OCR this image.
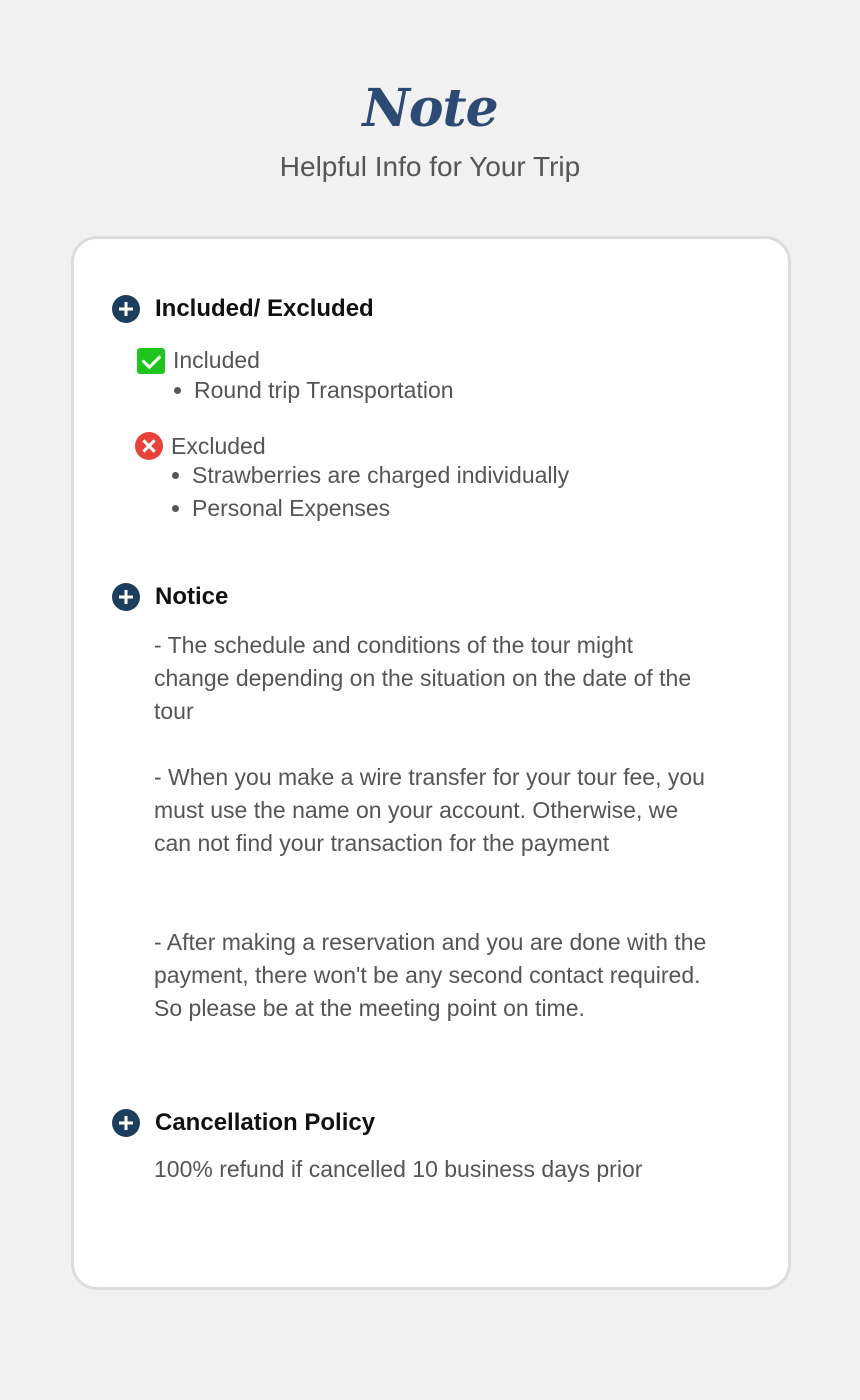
Note
Helpful Info for Your Trip
Included/ Excluded
Included
Round trip Transportation
Excluded
Strawberries are charged individually
Personal Expenses
Notice
- The schedule and conditions of the tour might change depending on the situation on the date of the tour
- When you make a wire transfer for your tour fee, you must use the name on your account. Otherwise, we can not find your transaction for the payment
- After making a reservation and you are done with the payment, there won't be any second contact required. So please be at the meeting point on time.
Cancellation Policy
100% refund if cancelled 10 business days prior
